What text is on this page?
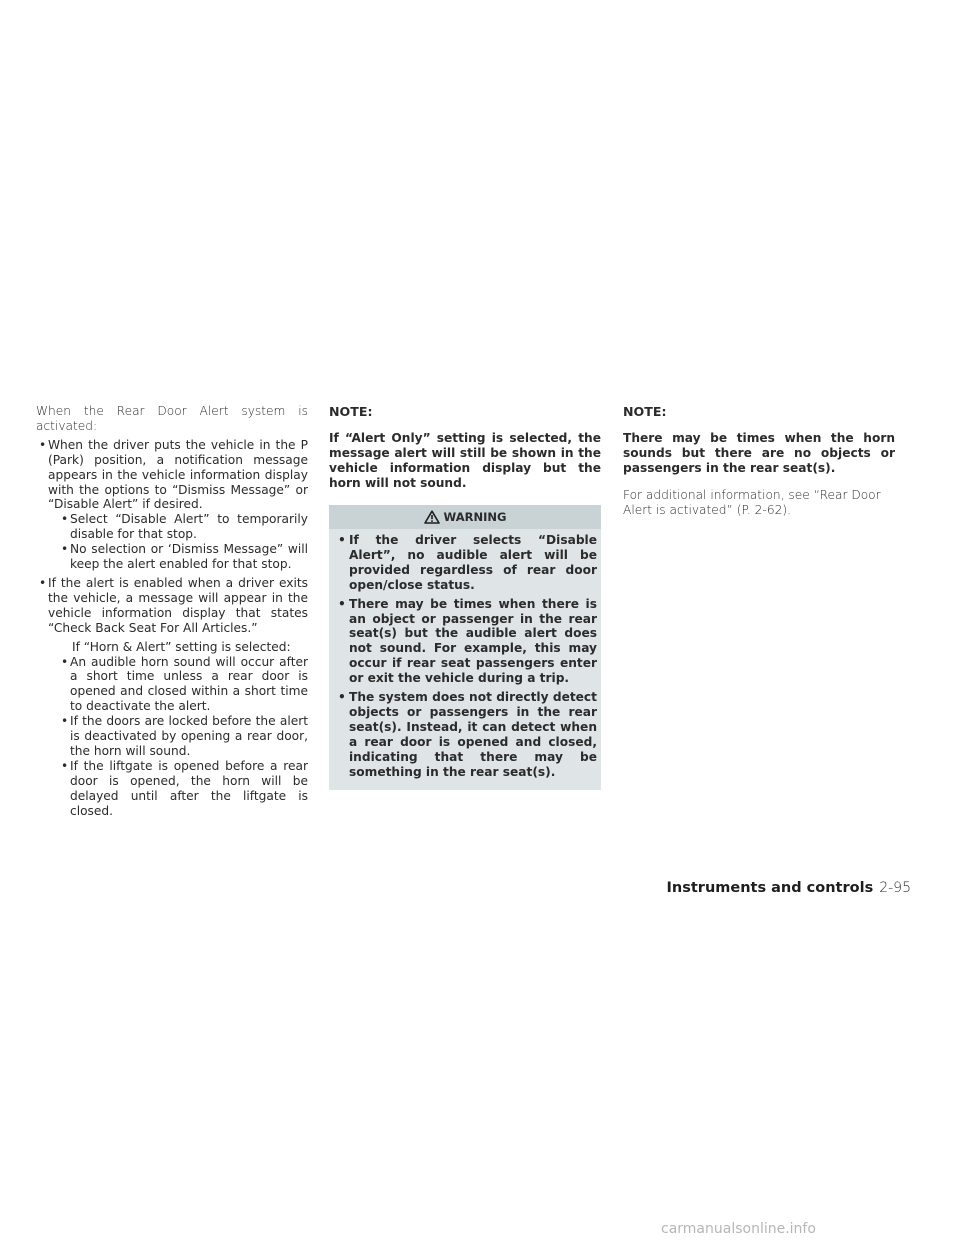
When the Rear Door Alert system is activated:

• When the driver puts the vehicle in the P (Park) position, a notification message appears in the vehicle information display with the options to “Dismiss Message” or “Disable Alert” if desired.
• Select “Disable Alert” to temporarily disable for that stop.
• No selection or ‘Dismiss Message” will keep the alert enabled for that stop.
• If the alert is enabled when a driver exits the vehicle, a message will appear in the vehicle information display that states “Check Back Seat For All Articles.”
If “Horn & Alert” setting is selected:
• An audible horn sound will occur after a short time unless a rear door is opened and closed within a short time to deactivate the alert.
• If the doors are locked before the alert is deactivated by opening a rear door, the horn will sound.
• If the liftgate is opened before a rear door is opened, the horn will be delayed until after the liftgate is closed.

NOTE:

If “Alert Only” setting is selected, the message alert will still be shown in the vehicle information display but the horn will not sound.

WARNING
• If the driver selects “Disable Alert”, no audible alert will be provided regardless of rear door open/close status.
• There may be times when there is an object or passenger in the rear seat(s) but the audible alert does not sound. For example, this may occur if rear seat passengers enter or exit the vehicle during a trip.
• The system does not directly detect objects or passengers in the rear seat(s). Instead, it can detect when a rear door is opened and closed, indicating that there may be something in the rear seat(s).

NOTE:

There may be times when the horn sounds but there are no objects or passengers in the rear seat(s).

For additional information, see “Rear Door Alert is activated” (P. 2-62).

Instruments and controls 2-95
carmanualsonline.info
